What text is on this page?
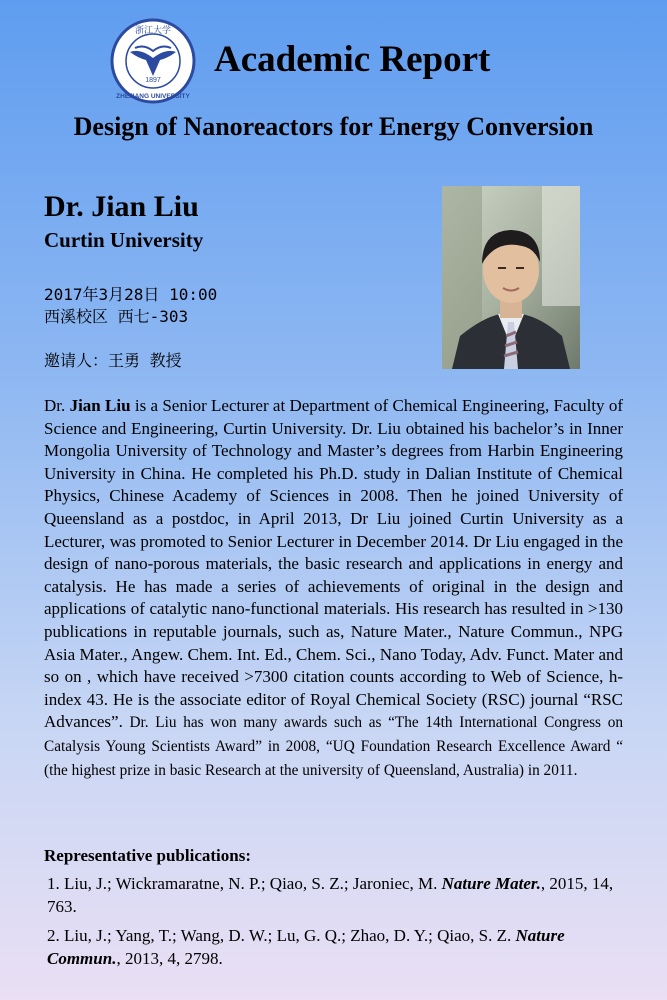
1897
浙江大学
ZHEJIANG UNIVERSITY
Academic Report
Design of Nanoreactors for Energy Conversion
Dr. Jian Liu
Curtin University
2017年3月28日 10:00
西溪校区 西七-303
邀请人：王勇 教授
Dr. Jian Liu is a Senior Lecturer at Department of Chemical Engineering, Faculty of Science and Engineering, Curtin University. Dr. Liu obtained his bachelor’s in Inner Mongolia University of Technology and Master’s degrees from Harbin Engineering University in China. He completed his Ph.D. study in Dalian Institute of Chemical Physics, Chinese Academy of Sciences in 2008. Then he joined University of Queensland as a postdoc, in April 2013, Dr Liu joined Curtin University as a Lecturer, was promoted to Senior Lecturer in December 2014. Dr Liu engaged in the design of nano-porous materials, the basic research and applications in energy and catalysis. He has made a series of achievements of original in the design and applications of catalytic nano-functional materials. His research has resulted in >130 publications in reputable journals, such as, Nature Mater., Nature Commun., NPG Asia Mater., Angew. Chem. Int. Ed., Chem. Sci., Nano Today, Adv. Funct. Mater and so on , which have received >7300 citation counts according to Web of Science, h-index 43. He is the associate editor of Royal Chemical Society (RSC) journal “RSC Advances”. Dr. Liu has won many awards such as “The 14th International Congress on Catalysis Young Scientists Award” in 2008, “UQ Foundation Research Excellence Award “ (the highest prize in basic Research at the university of Queensland, Australia) in 2011.
Representative publications:
1. Liu, J.; Wickramaratne, N. P.; Qiao, S. Z.; Jaroniec, M. Nature Mater., 2015, 14, 763.
2. Liu, J.; Yang, T.; Wang, D. W.; Lu, G. Q.; Zhao, D. Y.; Qiao, S. Z. Nature Commun., 2013, 4, 2798.
